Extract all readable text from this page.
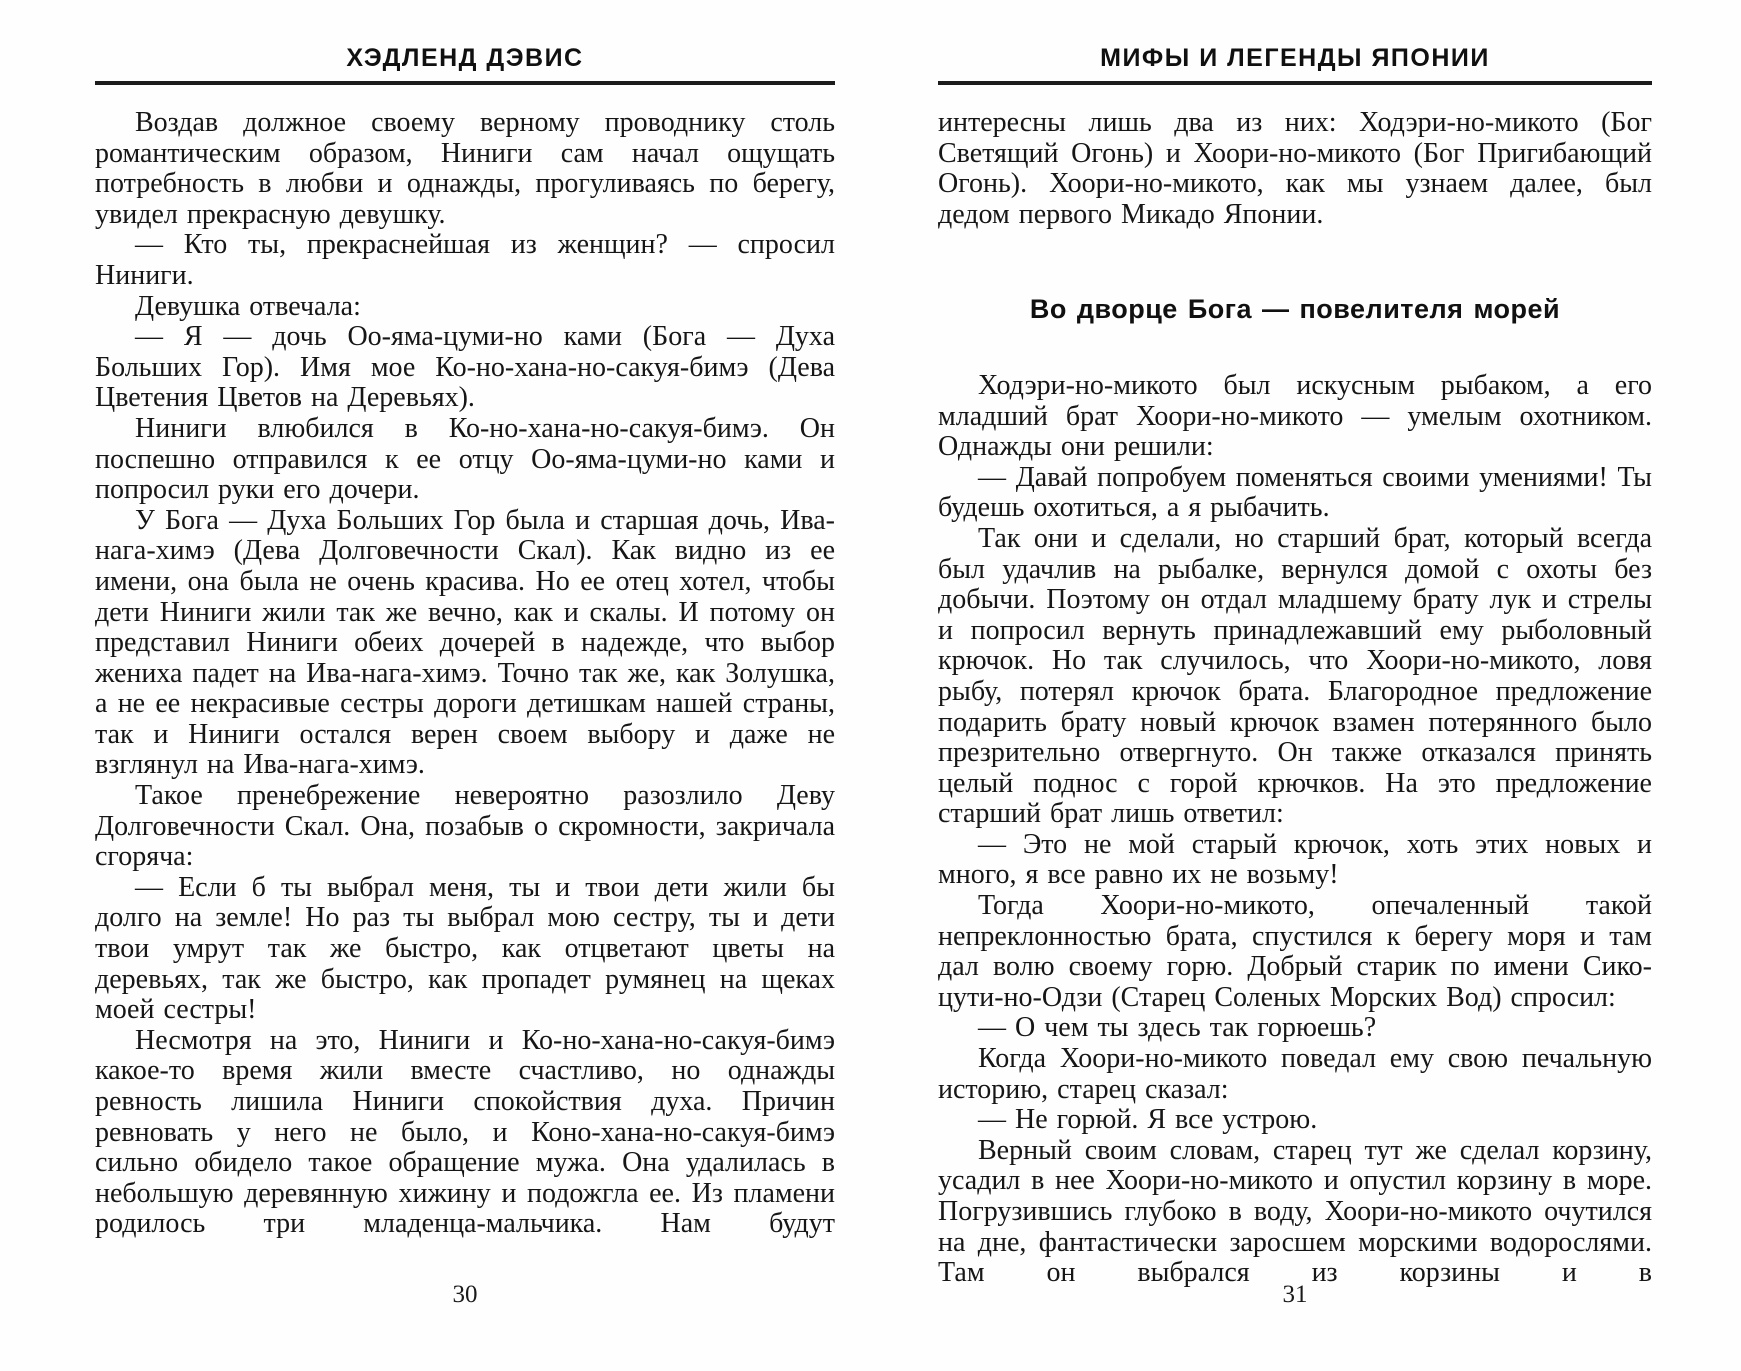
ХЭДЛЕНД ДЭВИС

Воздав должное своему верному проводнику столь романтическим образом, Ниниги сам начал ощущать потребность в любви и однажды, прогуливаясь по берегу, увидел прекрасную девушку.

— Кто ты, прекраснейшая из женщин? — спросил Ниниги.

Девушка отвечала:

— Я — дочь Оо-яма-цуми-но ками (Бога — Духа Больших Гор). Имя мое Ко-но-хана-но-сакуя-бимэ (Дева Цветения Цветов на Деревьях).

Ниниги влюбился в Ко-но-хана-но-сакуя-бимэ. Он поспешно отправился к ее отцу Оо-яма-цуми-но ками и попросил руки его дочери.

У Бога — Духа Больших Гор была и старшая дочь, Ива-нага-химэ (Дева Долговечности Скал). Как видно из ее имени, она была не очень красива. Но ее отец хотел, чтобы дети Ниниги жили так же вечно, как и скалы. И потому он представил Ниниги обеих дочерей в надежде, что выбор жениха падет на Ива-нага-химэ. Точно так же, как Золушка, а не ее некрасивые сестры дороги детишкам нашей страны, так и Ниниги остался верен своем выбору и даже не взглянул на Ива-нага-химэ.

Такое пренебрежение невероятно разозлило Деву Долговечности Скал. Она, позабыв о скромности, закричала сгоряча:

— Если б ты выбрал меня, ты и твои дети жили бы долго на земле! Но раз ты выбрал мою сестру, ты и дети твои умрут так же быстро, как отцветают цветы на деревьях, так же быстро, как пропадет румянец на щеках моей сестры!

Несмотря на это, Ниниги и Ко-но-хана-но-сакуя-бимэ какое-то время жили вместе счастливо, но однажды ревность лишила Ниниги спокойствия духа. Причин ревновать у него не было, и Коно-хана-но-сакуя-бимэ сильно обидело такое обращение мужа. Она удалилась в небольшую деревянную хижину и подожгла ее. Из пламени родилось три младенца-мальчика. Нам будут

30
МИФЫ И ЛЕГЕНДЫ ЯПОНИИ

интересны лишь два из них: Ходэри-но-микото (Бог Светящий Огонь) и Хоори-но-микото (Бог Пригибающий Огонь). Хоори-но-микото, как мы узнаем далее, был дедом первого Микадо Японии.

Во дворце Бога — повелителя морей

Ходэри-но-микото был искусным рыбаком, а его младший брат Хоори-но-микото — умелым охотником. Однажды они решили:

— Давай попробуем поменяться своими умениями! Ты будешь охотиться, а я рыбачить.

Так они и сделали, но старший брат, который всегда был удачлив на рыбалке, вернулся домой с охоты без добычи. Поэтому он отдал младшему брату лук и стрелы и попросил вернуть принадлежавший ему рыболовный крючок. Но так случилось, что Хоори-но-микото, ловя рыбу, потерял крючок брата. Благородное предложение подарить брату новый крючок взамен потерянного было презрительно отвергнуто. Он также отказался принять целый поднос с горой крючков. На это предложение старший брат лишь ответил:

— Это не мой старый крючок, хоть этих новых и много, я все равно их не возьму!

Тогда Хоори-но-микото, опечаленный такой непреклонностью брата, спустился к берегу моря и там дал волю своему горю. Добрый старик по имени Сико-цути-но-Одзи (Старец Соленых Морских Вод) спросил:

— О чем ты здесь так горюешь?

Когда Хоори-но-микото поведал ему свою печальную историю, старец сказал:

— Не горюй. Я все устрою.

Верный своим словам, старец тут же сделал корзину, усадил в нее Хоори-но-микото и опустил корзину в море. Погрузившись глубоко в воду, Хоори-но-микото очутился на дне, фантастически заросшем морскими водорослями. Там он выбрался из корзины и в

31
